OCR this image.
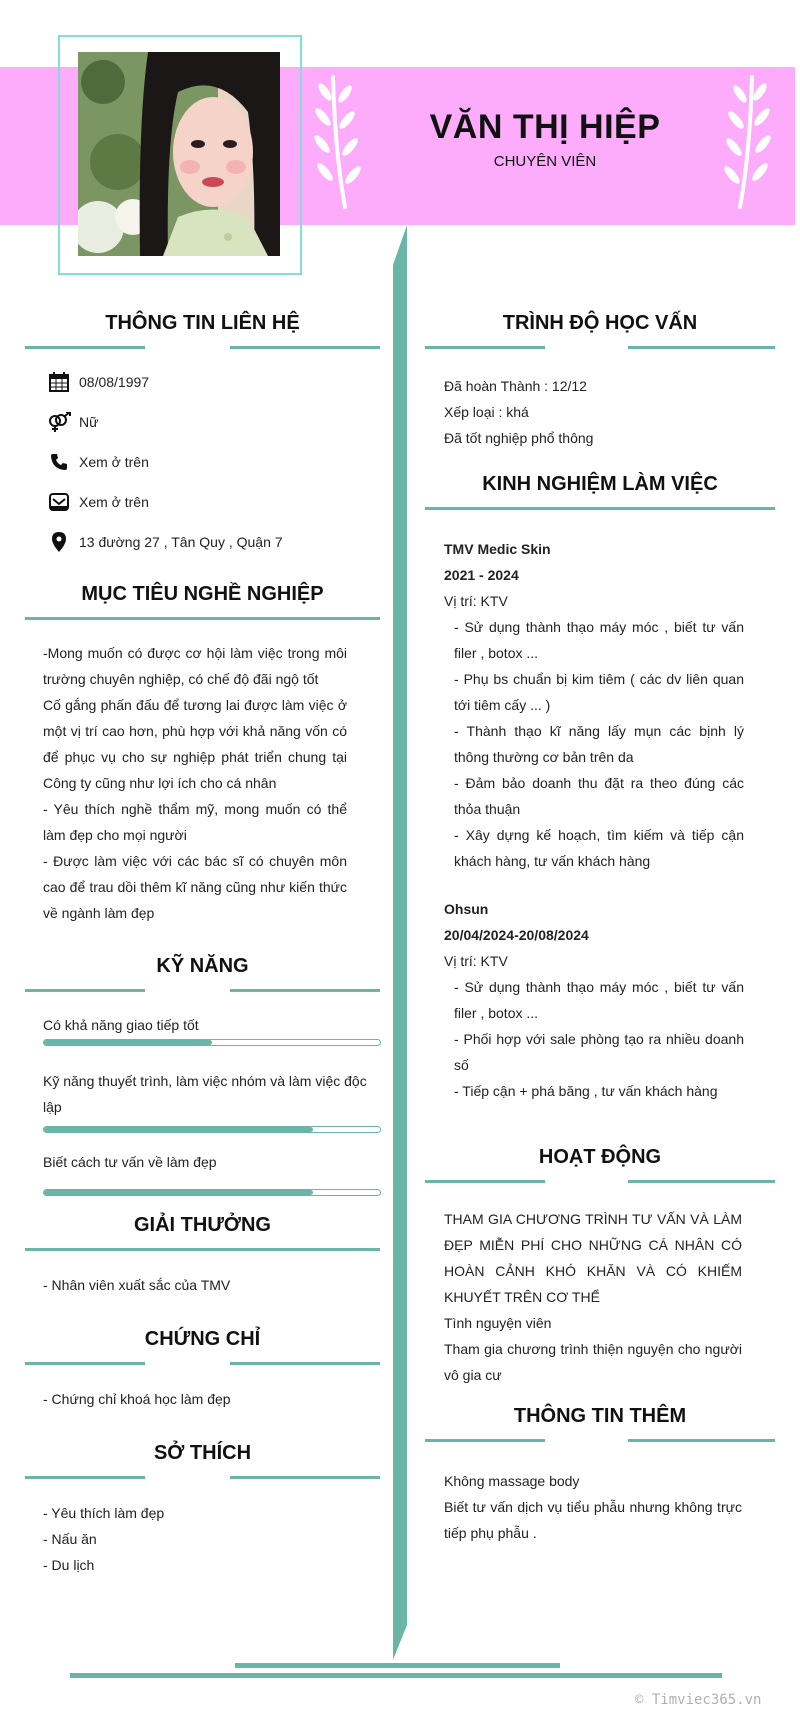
VĂN THỊ HIỆP
CHUYÊN VIÊN
THÔNG TIN LIÊN HỆ
08/08/1997
Nữ
Xem ở trên
Xem ở trên
13 đường 27 , Tân Quy , Quận 7
MỤC TIÊU NGHỀ NGHIỆP
-Mong muốn có được cơ hội làm việc trong môi trường chuyên nghiệp, có chế độ đãi ngộ tốt
Cố gắng phấn đấu để tương lai được làm việc ở một vị trí cao hơn, phù hợp với khả năng vốn có để phục vụ cho sự nghiệp phát triển chung tại Công ty cũng như lợi ích cho cá nhân
- Yêu thích nghề thẩm mỹ, mong muốn có thể làm đẹp cho mọi người
- Được làm việc với các bác sĩ có chuyên môn cao để trau dồi thêm kĩ năng cũng như kiến thức về ngành làm đẹp
KỸ NĂNG
Có khả năng giao tiếp tốt
Kỹ năng thuyết trình, làm việc nhóm và làm việc độc lập
Biết cách tư vấn về làm đẹp
GIẢI THƯỞNG
- Nhân viên xuất sắc của TMV
CHỨNG CHỈ
- Chứng chỉ khoá học làm đẹp
SỞ THÍCH
- Yêu thích làm đẹp
- Nấu ăn
- Du lịch
TRÌNH ĐỘ HỌC VẤN
Đã hoàn Thành : 12/12
Xếp loại : khá
Đã tốt nghiệp phổ thông
KINH NGHIỆM LÀM VIỆC
TMV Medic Skin
2021 - 2024
Vị trí: KTV
- Sử dụng thành thạo máy móc , biết tư vấn filer , botox ...
- Phụ bs chuẩn bị kim tiêm ( các dv liên quan tới tiêm cấy ... )
- Thành thạo kĩ năng lấy mụn các bịnh lý thông thường cơ bản trên da
- Đảm bảo doanh thu đặt ra theo đúng các thỏa thuận
- Xây dựng kế hoạch, tìm kiếm và tiếp cận khách hàng, tư vấn khách hàng
Ohsun
20/04/2024-20/08/2024
Vị trí: KTV
- Sử dụng thành thạo máy móc , biết tư vấn filer , botox ...
- Phối hợp với sale phòng tạo ra nhiều doanh số
- Tiếp cận + phá băng , tư vấn khách hàng
HOẠT ĐỘNG
THAM GIA CHƯƠNG TRÌNH TƯ VẤN VÀ LÀM ĐẸP MIỄN PHÍ CHO NHỮNG CÁ NHÂN CÓ HOÀN CẢNH KHÓ KHĂN VÀ CÓ KHIẾM KHUYẾT TRÊN CƠ THỂ
Tình nguyện viên
Tham gia chương trình thiện nguyện cho người vô gia cư
THÔNG TIN THÊM
Không massage body
Biết tư vấn dịch vụ tiểu phẫu nhưng không trực tiếp phụ phẫu .
© Timviec365.vn
